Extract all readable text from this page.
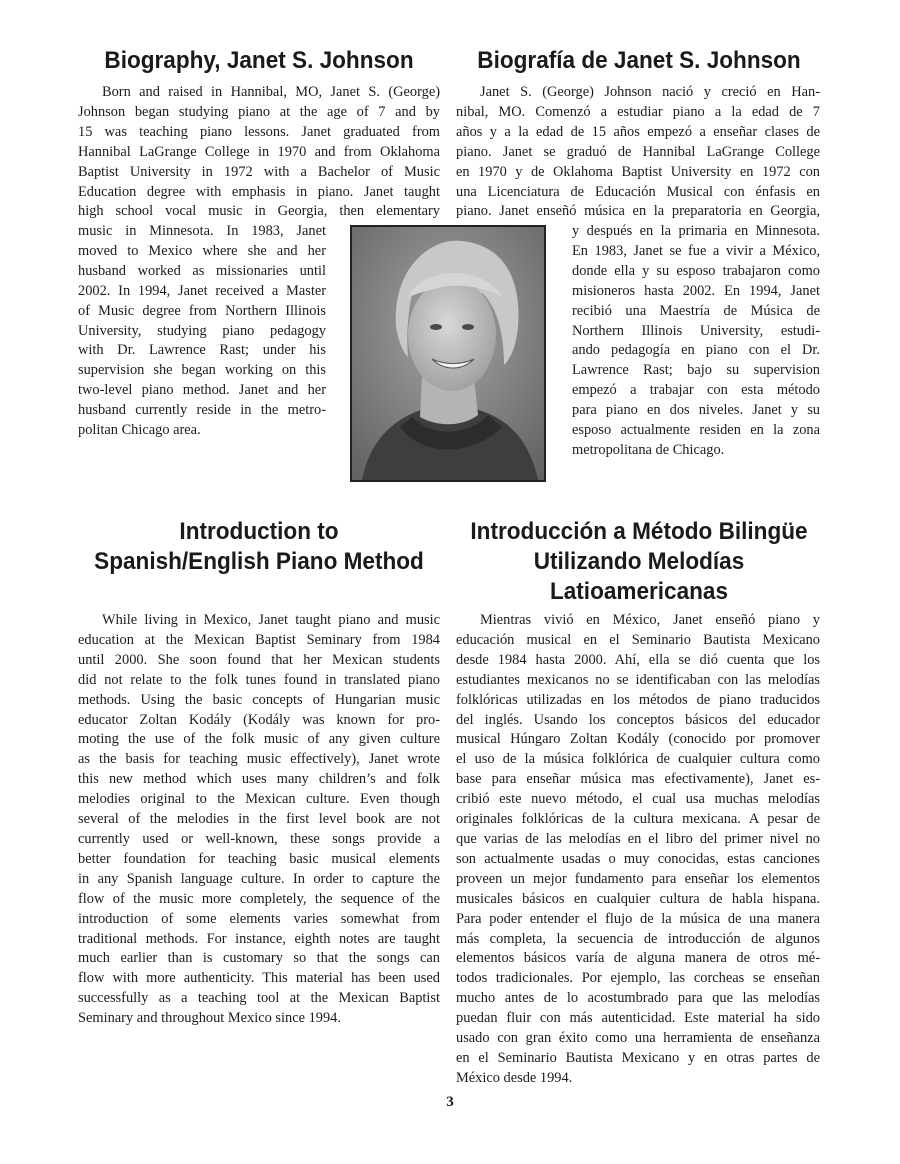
Biography, Janet S. Johnson	Biografía de Janet S. Johnson

Born and raised in Hannibal, MO, Janet S. (George)
Johnson began studying piano at the age of 7 and by
15 was teaching piano lessons. Janet graduated from
Hannibal LaGrange College in 1970 and from Oklahoma
Baptist University in 1972 with a Bachelor of Music
Education degree with emphasis in piano. Janet taught
high school vocal music in Georgia, then elementary

music in Minnesota. In 1983, Janet
moved to Mexico where she and her
husband worked as missionaries until
2002. In 1994, Janet received a Master
of Music degree from Northern Illinois
University, studying piano pedagogy
with Dr. Lawrence Rast; under his
supervision she began working on this
two-level piano method. Janet and her
husband currently reside in the metro-
politan Chicago area.

Janet S. (George) Johnson nació y creció en Han-
nibal, MO. Comenzó a estudiar piano a la edad de 7
años y a la edad de 15 años empezó a enseñar clases de
piano. Janet se graduó de Hannibal LaGrange College
en 1970 y de Oklahoma Baptist University en 1972 con
una Licenciatura de Educación Musical con énfasis en
piano. Janet enseñó música en la preparatoria en Georgia,

y después en la primaria en Minnesota.
En 1983, Janet se fue a vivir a México,
donde ella y su esposo trabajaron como
misioneros hasta 2002. En 1994, Janet
recibió una Maestría de Música de
Northern Illinois University, estudi-
ando pedagogía en piano con el Dr.
Lawrence Rast; bajo su supervision
empezó a trabajar con esta método
para piano en dos niveles. Janet y su
esposo actualmente residen en la zona
metropolitana de Chicago.
Introduction to Spanish/English Piano Method
Introducción a Método Bilingüe Utilizando Melodías Latioamericanas

While living in Mexico, Janet taught piano and music
education at the Mexican Baptist Seminary from 1984
until 2000. She soon found that her Mexican students
did not relate to the folk tunes found in translated piano
methods. Using the basic concepts of Hungarian music
educator Zoltan Kodály (Kodály was known for pro-
moting the use of the folk music of any given culture
as the basis for teaching music effectively), Janet wrote
this new method which uses many children’s and folk
melodies original to the Mexican culture. Even though
several of the melodies in the first level book are not
currently used or well-known, these songs provide a
better foundation for teaching basic musical elements
in any Spanish language culture. In order to capture the
flow of the music more completely, the sequence of the
introduction of some elements varies somewhat from
traditional methods. For instance, eighth notes are taught
much earlier than is customary so that the songs can
flow with more authenticity. This material has been used
successfully as a teaching tool at the Mexican Baptist
Seminary and throughout Mexico since 1994.

Mientras vivió en México, Janet enseñó piano y
educación musical en el Seminario Bautista Mexicano
desde 1984 hasta 2000. Ahí, ella se dió cuenta que los
estudiantes mexicanos no se identificaban con las melodías
folklóricas utilizadas en los métodos de piano traducidos
del inglés. Usando los conceptos básicos del educador
musical Húngaro Zoltan Kodály (conocido por promover
el uso de la música folklórica de cualquier cultura como
base para enseñar música mas efectivamente), Janet es-
cribió este nuevo método, el cual usa muchas melodías
originales folklóricas de la cultura mexicana. A pesar de
que varias de las melodías en el libro del primer nivel no
son actualmente usadas o muy conocidas, estas canciones
proveen un mejor fundamento para enseñar los elementos
musicales básicos en cualquier cultura de habla hispana.
Para poder entender el flujo de la música de una manera
más completa, la secuencia de introducción de algunos
elementos básicos varía de alguna manera de otros mé-
todos tradicionales. Por ejemplo, las corcheas se enseñan
mucho antes de lo acostumbrado para que las melodías
puedan fluir con más autenticidad. Este material ha sido
usado con gran éxito como una herramienta de enseñanza
en el Seminario Bautista Mexicano y en otras partes de
México desde 1994.

3
